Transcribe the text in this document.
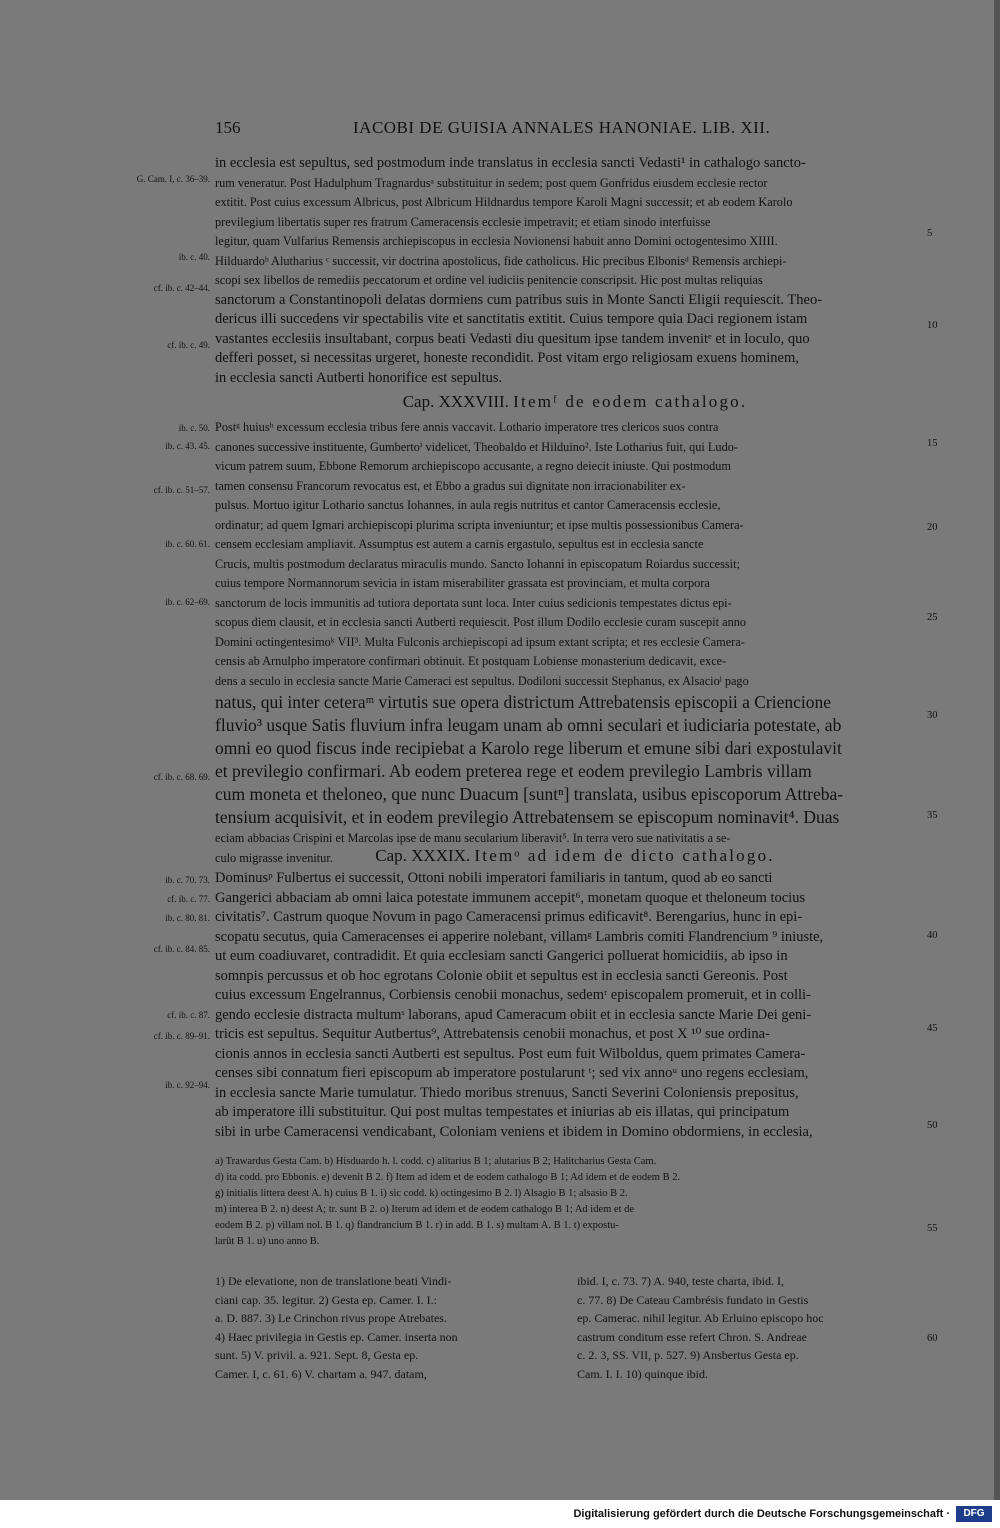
156	IACOBI DE GUISIA ANNALES HANONIAE. LIB. XII.
in ecclesia est sepultus, sed postmodum inde translatus in ecclesia sancti Vedasti¹ in cathalogo sancto-
rum veneratur. Post Hadulphum Tragnardusᵃ substituitur in sedem; post quem Gonfridus eiusdem ecclesie rector
extitit. Post cuius excessum Albricus, post Albricum Hildnardus tempore Karoli Magni successit; et ab eodem Karolo
previlegium libertatis super res fratrum Cameracensis ecclesie impetravit; et etiam sinodo interfuisse
legitur, quam Vulfarius Remensis archiepiscopus in ecclesia Novionensi habuit anno Domini octogentesimo XIIII.
Hilduardoᵇ Alutharius ᶜ successit, vir doctrina apostolicus, fide catholicus. Hic precibus Elbonisᵈ Remensis archiepi-
scopi sex libellos de remediis peccatorum et ordine vel iudiciis penitencie conscripsit. Hic post multas reliquias
sanctorum a Constantinopoli delatas dormiens cum patribus suis in Monte Sancti Eligii requiescit. Theo-
dericus illi succedens vir spectabilis vite et sanctitatis extitit. Cuius tempore quia Daci regionem istam
vastantes ecclesiis insultabant, corpus beati Vedasti diu quesitum ipse tandem invenitᵉ et in loculo, quo
defferi posset, si necessitas urgeret, honeste recondidit. Post vitam ergo religiosam exuens hominem,
in ecclesia sancti Autberti honorifice est sepultus.
G. Cam. I, c. 36–39.
ib. c. 40.
cf. ib. c. 42–44.
cf. ib. c. 49.
Cap. XXXVIII. Itemᶠ de eodem cathalogo.
Postᵍ huiusʰ excessum ecclesia tribus fere annis vaccavit. Lothario imperatore tres clericos suos contra
canones successive instituente, Gumbertoⁱ videlicet, Theobaldo et Hilduino². Iste Lotharius fuit, qui Ludo-
vicum patrem suum, Ebbone Remorum archiepiscopo accusante, a regno deiecit iniuste. Qui postmodum
tamen consensu Francorum revocatus est, et Ebbo a gradus sui dignitate non irracionabiliter ex-
pulsus. Mortuo igitur Lothario sanctus Iohannes, in aula regis nutritus et cantor Cameracensis ecclesie,
ordinatur; ad quem Igmari archiepiscopi plurima scripta inveniuntur; et ipse multis possessionibus Camera-
censem ecclesiam ampliavit. Assumptus est autem a carnis ergastulo, sepultus est in ecclesia sancte
Crucis, multis postmodum declaratus miraculis mundo. Sancto Iohanni in episcopatum Roiardus successit;
cuius tempore Normannorum sevicia in istam miserabiliter grassata est provinciam, et multa corpora
sanctorum de locis immunitis ad tutiora deportata sunt loca. Inter cuius sedicionis tempestates dictus epi-
scopus diem clausit, et in ecclesia sancti Autberti requiescit. Post illum Dodilo ecclesie curam suscepit anno
Domini octingentesimoᵏ VII³. Multa Fulconis archiepiscopi ad ipsum extant scripta; et res ecclesie Camera-
censis ab Arnulpho imperatore confirmari obtinuit. Et postquam Lobiense monasterium dedicavit, exce-
dens a seculo in ecclesia sancte Marie Cameraci est sepultus. Dodiloni successit Stephanus, ex Alsacioˡ pago
natus, qui inter ceteraᵐ virtutis sue opera districtum Attrebatensis episcopii a Criencione
fluvio³ usque Satis fluvium infra leugam unam ab omni seculari et iudiciaria potestate, ab
omni eo quod fiscus inde recipiebat a Karolo rege liberum et emune sibi dari expostulavit
et previlegio confirmari. Ab eodem preterea rege et eodem previlegio Lambris villam
cum moneta et theloneo, que nunc Duacum [suntⁿ] translata, usibus episcoporum Attreba-
tensium acquisivit, et in eodem previlegio Attrebatensem se episcopum nominavit⁴. Duas
eciam abbacias Crispini et Marcolas ipse de manu secularium liberavit⁵. In terra vero sue nativitatis a se-
culo migrasse invenitur.
ib. c. 50.
ib. c. 43. 45.
cf. ib. c. 51–57.
ib. c. 60. 61.
ib. c. 62–69.
cf. ib. c. 68. 69.
Cap. XXXIX. Itemᵒ ad idem de dicto cathalogo.
Dominusᵖ Fulbertus ei successit, Ottoni nobili imperatori familiaris in tantum, quod ab eo sancti
Gangerici abbaciam ab omni laica potestate immunem accepit⁶, monetam quoque et theloneum tocius
civitatis⁷. Castrum quoque Novum in pago Cameracensi primus edificavit⁸. Berengarius, hunc in epi-
scopatu secutus, quia Cameracenses ei apperire nolebant, villamᵍ Lambris comiti Flandrencium ⁹ iniuste,
ut eum coadiuvaret, contradidit. Et quia ecclesiam sancti Gangerici polluerat homicidiis, ab ipso in
somnpis percussus et ob hoc egrotans Colonie obiit et sepultus est in ecclesia sancti Gereonis. Post
cuius excessum Engelrannus, Corbiensis cenobii monachus, sedemʳ episcopalem promeruit, et in colli-
gendo ecclesie distracta multumˢ laborans, apud Cameracum obiit et in ecclesia sancte Marie Dei geni-
tricis est sepultus. Sequitur Autbertus⁹, Attrebatensis cenobii monachus, et post X ¹⁰ sue ordina-
cionis annos in ecclesia sancti Autberti est sepultus. Post eum fuit Wilboldus, quem primates Camera-
censes sibi connatum fieri episcopum ab imperatore postularunt ᵗ; sed vix annoᵘ uno regens ecclesiam,
in ecclesia sancte Marie tumulatur. Thiedo moribus strenuus, Sancti Severini Coloniensis prepositus,
ab imperatore illi substituitur. Qui post multas tempestates et iniurias ab eis illatas, qui principatum
sibi in urbe Cameracensi vendicabant, Coloniam veniens et ibidem in Domino obdormiens, in ecclesia,
ib. c. 70. 73.
cf. ib. c. 77.
ib. c. 80. 81.
cf. ib. c. 84. 85.
cf. ib. c. 87.
cf. ib. c. 89–91.
ib. c. 92–94.
5
10
15
20
25
30
35
40
45
50
55
60
a) Trawardus Gesta Cam. b) Hisduardo h. l. codd. c) alitarius B 1; alutarius B 2; Halitcharius Gesta Cam.
d) ita codd. pro Ebbonis. e) devenit B 2. f) Item ad idem et de eodem cathalogo B 1; Ad idem et de eodem B 2.
g) initialis littera deest A. h) cuius B 1. i) sic codd. k) octingesimo B 2. l) Alsagio B 1; alsasio B 2.
m) interea B 2. n) deest A; tr. sunt B 2. o) Iterum ad idem et de eodem cathalogo B 1; Ad idem et de
eodem B 2. p) villam nol. B 1. q) flandrancium B 1. r) in add. B 1. s) multam A. B 1. t) expostu-
larūt B 1. u) uno anno B.
1) De elevatione, non de translatione beati Vindi-
ciani cap. 35. legitur. 2) Gesta ep. Camer. I. I.:
a. D. 887. 3) Le Crinchon rivus prope Atrebates.
4) Haec privilegia in Gestis ep. Camer. inserta non
sunt. 5) V. privil. a. 921. Sept. 8, Gesta ep.
Camer. I, c. 61. 6) V. chartam a. 947. datam,
ibid. I, c. 73. 7) A. 940, teste charta, ibid. I,
c. 77. 8) De Cateau Cambrésis fundato in Gestis
ep. Camerac. nihil legitur. Ab Erluino episcopo hoc
castrum conditum esse refert Chron. S. Andreae
c. 2. 3, SS. VII, p. 527. 9) Ansbertus Gesta ep.
Cam. I. I. 10) quinque ibid.
Digitalisierung gefördert durch die Deutsche Forschungsgemeinschaft ·	DFG
